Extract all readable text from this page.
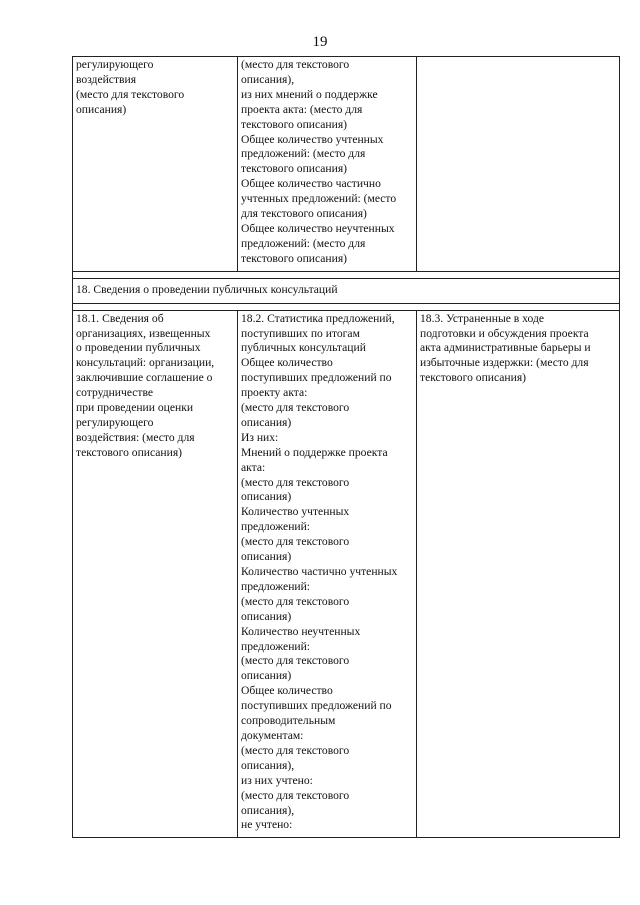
19
регулирующего
воздействия
(место для текстового
описания)
(место для текстового
описания),
из них мнений о поддержке
проекта акта: (место для
текстового описания)
Общее количество учтенных
предложений: (место для
текстового описания)
Общее количество частично
учтенных предложений: (место
для текстового описания)
Общее количество неучтенных
предложений: (место для
текстового описания)
18. Сведения о проведении публичных консультаций
18.1. Сведения об
организациях, извещенных
о проведении публичных
консультаций: организации,
заключившие соглашение о
сотрудничестве
при проведении оценки
регулирующего
воздействия: (место для
текстового описания)
18.2. Статистика предложений,
поступивших по итогам
публичных консультаций
Общее количество
поступивших предложений по
проекту акта:
(место для текстового
описания)
Из них:
Мнений о поддержке проекта
акта:
(место для текстового
описания)
Количество учтенных
предложений:
(место для текстового
описания)
Количество частично учтенных
предложений:
(место для текстового
описания)
Количество неучтенных
предложений:
(место для текстового
описания)
Общее количество
поступивших предложений по
сопроводительным
документам:
(место для текстового
описания),
из них учтено:
(место для текстового
описания),
не учтено:
18.3. Устраненные в ходе
подготовки и обсуждения проекта
акта административные барьеры и
избыточные издержки: (место для
текстового описания)
